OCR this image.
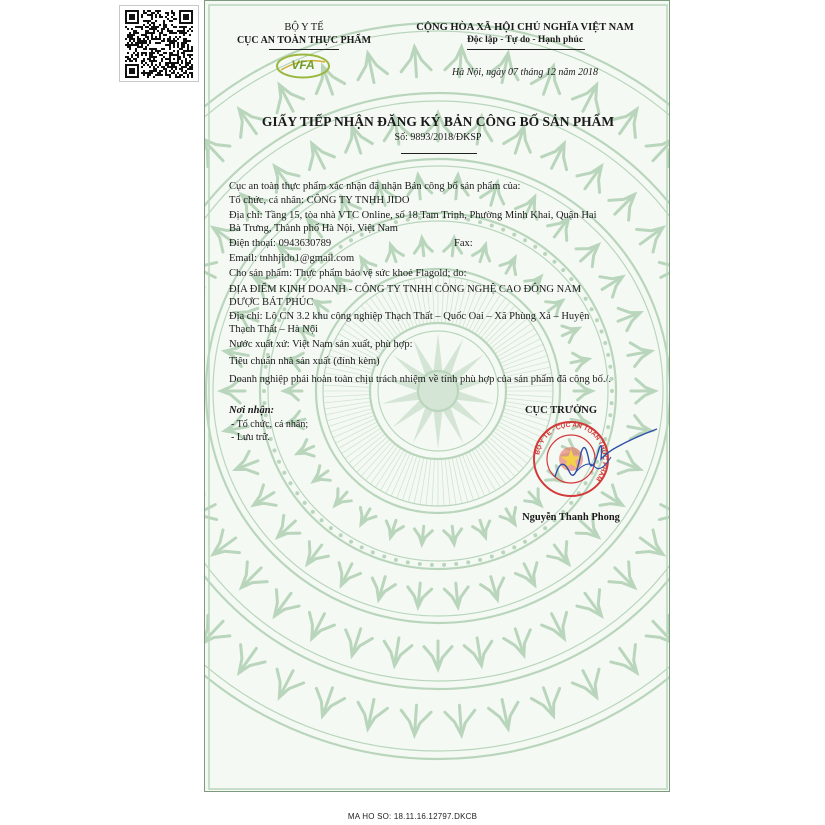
BỘ Y TẾ
CỤC AN TOÀN THỰC PHẨM
VFA
CỘNG HÒA XÃ HỘI CHỦ NGHĨA VIỆT NAM
Độc lập - Tự do - Hạnh phúc
Hà Nội, ngày 07 tháng 12 năm 2018
GIẤY TIẾP NHẬN ĐĂNG KÝ BẢN CÔNG BỐ SẢN PHẨM
Số: 9893/2018/ĐKSP
Cục an toàn thực phẩm xác nhận đã nhận Bản công bố sản phẩm của:
Tổ chức, cá nhân: CÔNG TY TNHH JIDO
Địa chỉ: Tầng 15, tòa nhà VTC Online, số 18 Tam Trinh, Phường Minh Khai, Quận Hai
Bà Trưng, Thành phố Hà Nội, Việt Nam
Điện thoại: 0943630789	Fax:
Email: tnhhjido1@gmail.com
Cho sản phẩm: Thực phẩm bảo vệ sức khoẻ Flagold; do:
ĐỊA ĐIỂM KINH DOANH - CÔNG TY TNHH CÔNG NGHỆ CAO ĐÔNG NAM
DƯỢC BÁT PHÚC
Địa chỉ: Lô CN 3.2 khu công nghiệp Thạch Thất – Quốc Oai – Xã Phùng Xá – Huyện
Thạch Thất – Hà Nội
Nước xuất xứ: Việt Nam sản xuất, phù hợp:
Tiêu chuẩn nhà sản xuất (đính kèm)
Doanh nghiệp phải hoàn toàn chịu trách nhiệm về tính phù hợp của sản phẩm đã công bố./.
Nơi nhận:
- Tổ chức, cá nhân;
- Lưu trữ.
CỤC TRƯỞNG
BỘ Y TẾ · CỤC AN TOÀN THỰC PHẨM
Nguyễn Thanh Phong
MA HO SO: 18.11.16.12797.DKCB
